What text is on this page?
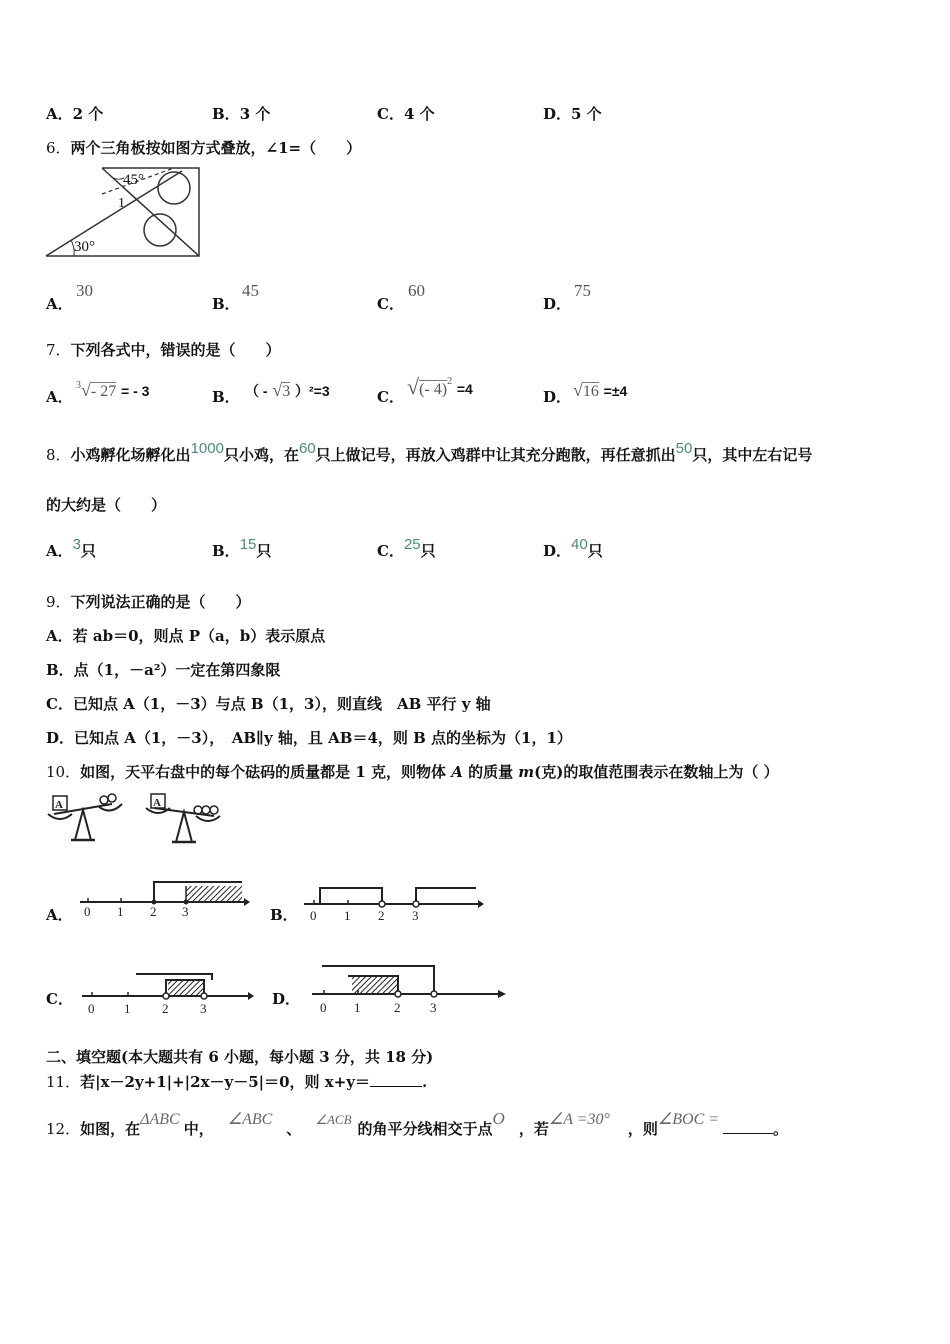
A．2 个	B．3 个	C．4 个	D．5 个
6．两个三角板按如图方式叠放，∠1=（　　）
45°
30°
1
A．
30
B．
45
C．
60
D．
75
7．下列各式中，错误的是（　　）
A．
$^3$√- 27 = - 3	B． （ - √3 ）²=3	C． √(- 4)$^2$ =4	D． √16 =±4
8．小鸡孵化场孵化出1000只小鸡，在60只上做记号，再放入鸡群中让其充分跑散，再任意抓出50只，其中左右记号
的大约是（　　）
A．3只	B．15只	C．25只	D．40只
9．下列说法正确的是（　　）
A．若 ab＝0，则点 P（a，b）表示原点
B．点（1，－a²）一定在第四象限
C．已知点 A（1，－3）与点 B（1，3），则直线　AB 平行 y 轴
D．已知点 A（1，－3），　AB∥y 轴，且 AB＝4，则 B 点的坐标为（1，1）
10．如图，天平右盘中的每个砝码的质量都是 1 克，则物体 A 的质量 m(克)的取值范围表示在数轴上为（ ）
A	A
A． 0 1 2 3	B． 0 1 2 3
C．
0 1 2 3
D． 0 1	2 3
二、填空题(本大题共有 6 小题，每小题 3 分，共 18 分)
11．若|x－2y+1|+|2x－y－5|＝0，则 x+y＝	.
12．如图，在ΔABC中，∠ABC、∠ACB的角平分线相交于点O，若∠A =30°，则∠BOC =。
